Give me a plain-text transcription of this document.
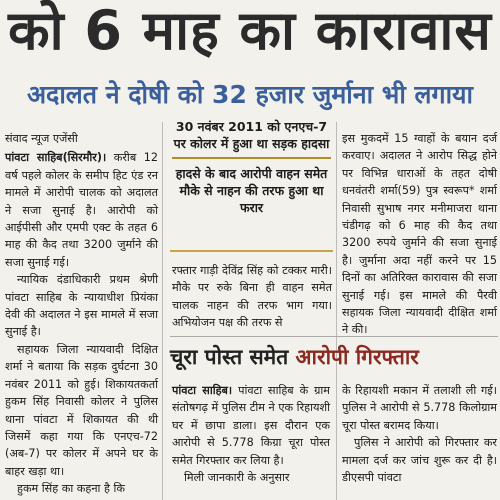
को 6 माह का कारावास
अदालत ने दोषी को 32 हजार जुर्माना भी लगाया

संवाद न्यूज एजेंसी

पांवटा साहिब(सिरमौर)। करीब 12 वर्ष पहले कोलर के समीप हिट एंड रन मामले में आरोपी चालक को अदालत ने सजा सुनाई है। आरोपी को आईपीसी और एमपी एक्ट के तहत 6 माह की कैद तथा 3200 जुर्माने की सजा सुनाई गई।

न्यायिक दंडाधिकारी प्रथम श्रेणी पांवटा साहिब के न्यायाधीश प्रियंका देवी की अदालत ने इस मामले में सजा सुनाई है।

सहायक जिला न्यायवादी दिक्षित शर्मा ने बताया कि सड़क दुर्घटना 30 नवंबर 2011 को हुई। शिकायतकर्ता हुकम सिंह निवासी कोलर ने पुलिस थाना पांवटा में शिकायत की थी जिसमें कहा गया कि एनएच-72 (अब-7) पर कोलर में अपने घर के बाहर खड़ा था।

हुकम सिंह का कहना है कि

30 नवंबर 2011 को एनएच-7 पर कोलर में हुआ था सड़क हादसा
हादसे के बाद आरोपी वाहन समेत मौके से नाहन की तरफ हुआ था फरार

रफ्तार गाड़ी देविंद्र सिंह को टक्कर मारी। मौके पर रुके बिना ही वाहन समेत चालक नाहन की तरफ भाग गया। अभियोजन पक्ष की तरफ से

इस मुकदमें 15 ग्वाहों के बयान दर्ज करवाए। अदालत ने आरोप सिद्ध होने पर विभिन्न धाराओं के तहत दोषी धनवंतरी शर्मा(59) पुत्र स्वरूप* शर्मा निवासी सुभाष नगर मनीमाजरा थाना चंडीगढ़ को 6 माह की कैद तथा 3200 रुपये जुर्माने की सजा सुनाई है। जुर्माना अदा नहीं करने पर 15 दिनों का अतिरिक्त कारावास की सजा सुनाई गई। इस मामले की पैरवी सहायक जिला न्यायवादी दीक्षित शर्मा ने की।

चूरा पोस्त समेत आरोपी गिरफ्तार

पांवटा साहिब। पांवटा साहिब के ग्राम संतोषगढ़ में पुलिस टीम ने एक रिहायशी घर में छापा डाला। इस दौरान एक आरोपी से 5.778 किग्रा चूरा पोस्त समेत गिरफ्तार कर लिया है।

मिली जानकारी के अनुसार

के रिहायशी मकान में तलाशी ली गई। पुलिस ने आरोपी से 5.778 किलोग्राम चूरा पोस्त बरामद किया।

पुलिस ने आरोपी को गिरफ्तार कर मामला दर्ज कर जांच शुरू कर दी है। डीएसपी पांवटा
